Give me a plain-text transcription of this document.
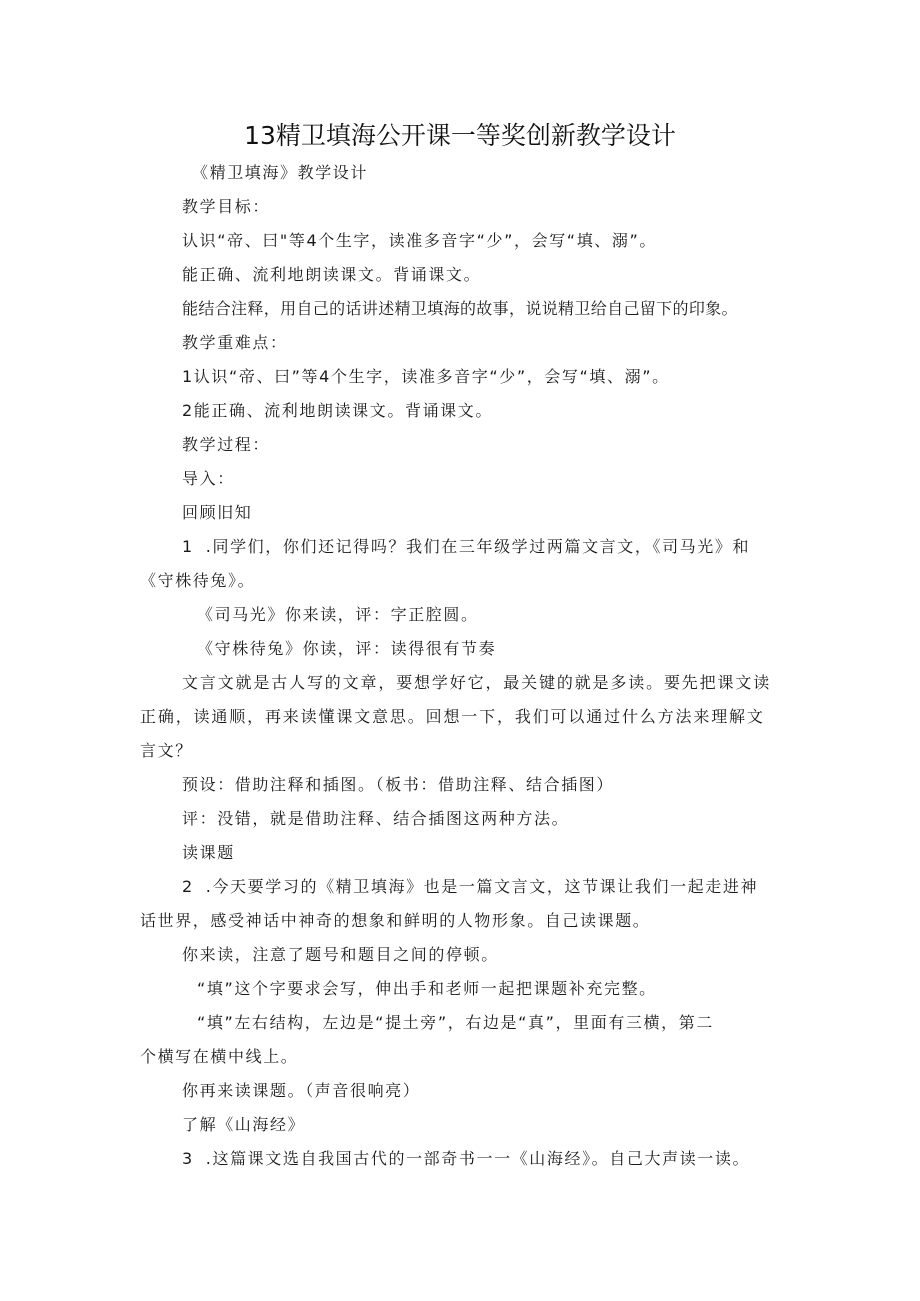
13精卫填海公开课一等奖创新教学设计
《精卫填海》教学设计
教学目标：
认识“帝、曰"等4个生字，读准多音字“少”，会写“填、溺”。
能正确、流利地朗读课文。背诵课文。
能结合注释，用自己的话讲述精卫填海的故事，说说精卫给自己留下的印象。
教学重难点：
1认识“帝、曰”等4个生字，读准多音字“少”，会写“填、溺”。
2能正确、流利地朗读课文。背诵课文。
教学过程：
导入：
回顾旧知
1 .同学们，你们还记得吗？我们在三年级学过两篇文言文，《司马光》和
《守株待兔》。
《司马光》你来读，评：字正腔圆。
《守株待兔》你读，评：读得很有节奏
文言文就是古人写的文章，要想学好它，最关键的就是多读。要先把课文读
正确，读通顺，再来读懂课文意思。回想一下，我们可以通过什么方法来理解文
言文？
预设：借助注释和插图。（板书：借助注释、结合插图）
评：没错，就是借助注释、结合插图这两种方法。
读课题
2 .今天要学习的《精卫填海》也是一篇文言文，这节课让我们一起走进神
话世界，感受神话中神奇的想象和鲜明的人物形象。自己读课题。
你来读，注意了题号和题目之间的停顿。
“填”这个字要求会写，伸出手和老师一起把课题补充完整。
“填”左右结构，左边是“提土旁”，右边是“真”，里面有三横，第二
个横写在横中线上。
你再来读课题。（声音很响亮）
了解《山海经》
3 .这篇课文选自我国古代的一部奇书一一《山海经》。自己大声读一读。
